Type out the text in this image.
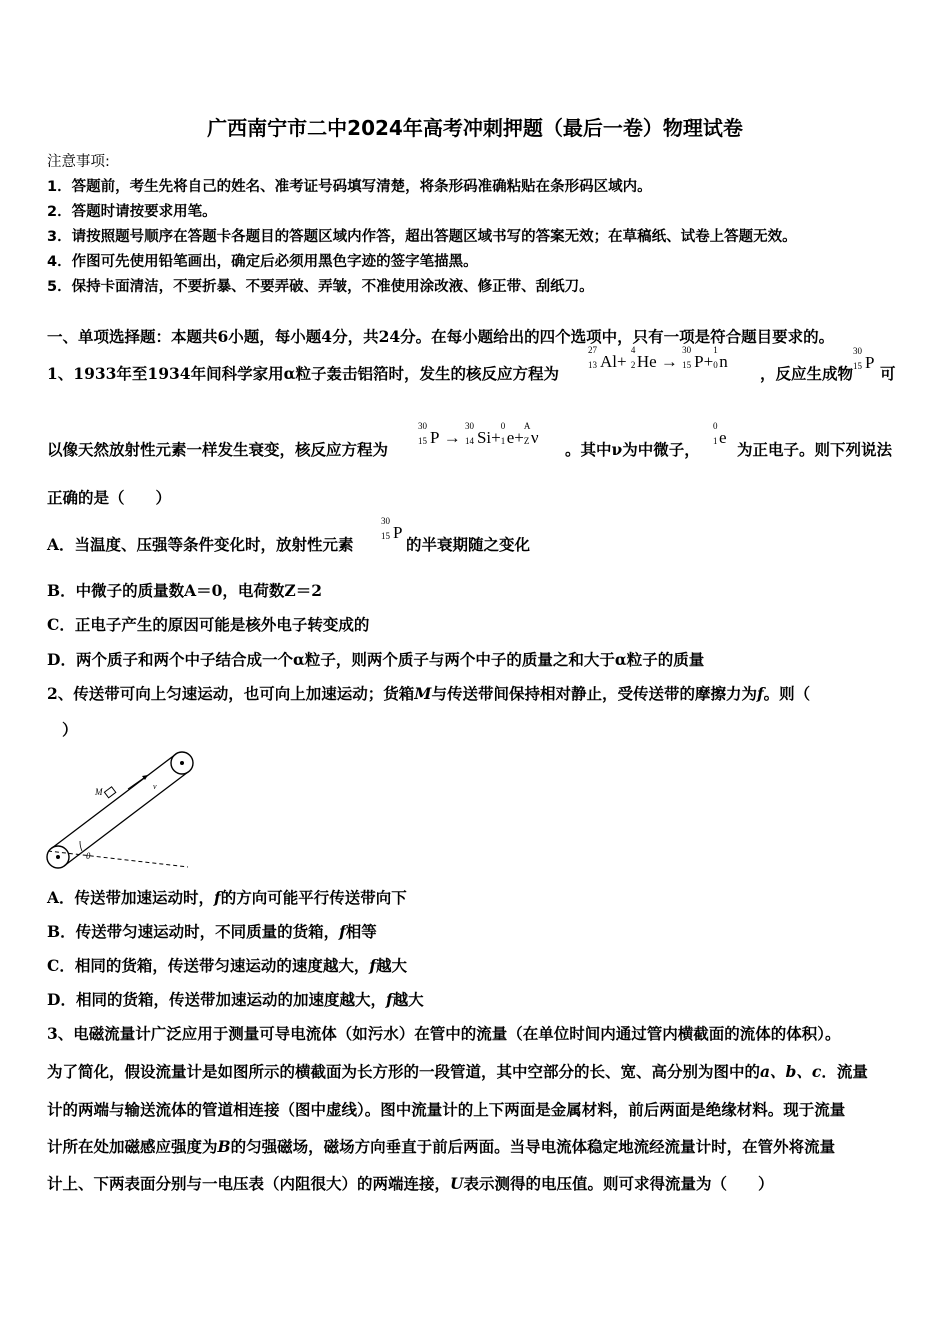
广西南宁市二中2024年高考冲刺押题（最后一卷）物理试卷
注意事项:
1．答题前，考生先将自己的姓名、准考证号码填写清楚，将条形码准确粘贴在条形码区域内。
2．答题时请按要求用笔。
3．请按照题号顺序在答题卡各题目的答题区域内作答，超出答题区域书写的答案无效；在草稿纸、试卷上答题无效。
4．作图可先使用铅笔画出，确定后必须用黑色字迹的签字笔描黑。
5．保持卡面清洁，不要折暴、不要弄破、弄皱，不准使用涂改液、修正带、刮纸刀。
一、单项选择题：本题共6小题，每小题4分，共24分。在每小题给出的四个选项中，只有一项是符合题目要求的。
1、1933年至1934年间科学家用α粒子轰击铝箔时，发生的核反应方程为
27
13 Al+
4
2 He →
30
15 P+
1
0 n
，反应生成物
30
15 P
可
以像天然放射性元素一样发生衰变，核反应方程为
30
15 P →
30
14 Si+
0
1 e+
A
Z ν
。其中ν为中微子，
0
1 e
为正电子。则下列说法
正确的是（　　）
A．当温度、压强等条件变化时，放射性元素
30
15 P
的半衰期随之变化
B．中微子的质量数A＝0，电荷数Z＝2
C．正电子产生的原因可能是核外电子转变成的
D．两个质子和两个中子结合成一个α粒子，则两个质子与两个中子的质量之和大于α粒子的质量
2、传送带可向上匀速运动，也可向上加速运动；货箱M与传送带间保持相对静止，受传送带的摩擦力为f。则（
）
M
v
θ
A．传送带加速运动时，f的方向可能平行传送带向下
B．传送带匀速运动时，不同质量的货箱，f相等
C．相同的货箱，传送带匀速运动的速度越大，f越大
D．相同的货箱，传送带加速运动的加速度越大，f越大
3、电磁流量计广泛应用于测量可导电流体（如污水）在管中的流量（在单位时间内通过管内横截面的流体的体积）。
为了简化，假设流量计是如图所示的横截面为长方形的一段管道，其中空部分的长、宽、高分别为图中的a、b、c．流量
计的两端与输送流体的管道相连接（图中虚线）。图中流量计的上下两面是金属材料，前后两面是绝缘材料。现于流量
计所在处加磁感应强度为B的匀强磁场，磁场方向垂直于前后两面。当导电流体稳定地流经流量计时，在管外将流量
计上、下两表面分别与一电压表（内阻很大）的两端连接，U表示测得的电压值。则可求得流量为（　　）
